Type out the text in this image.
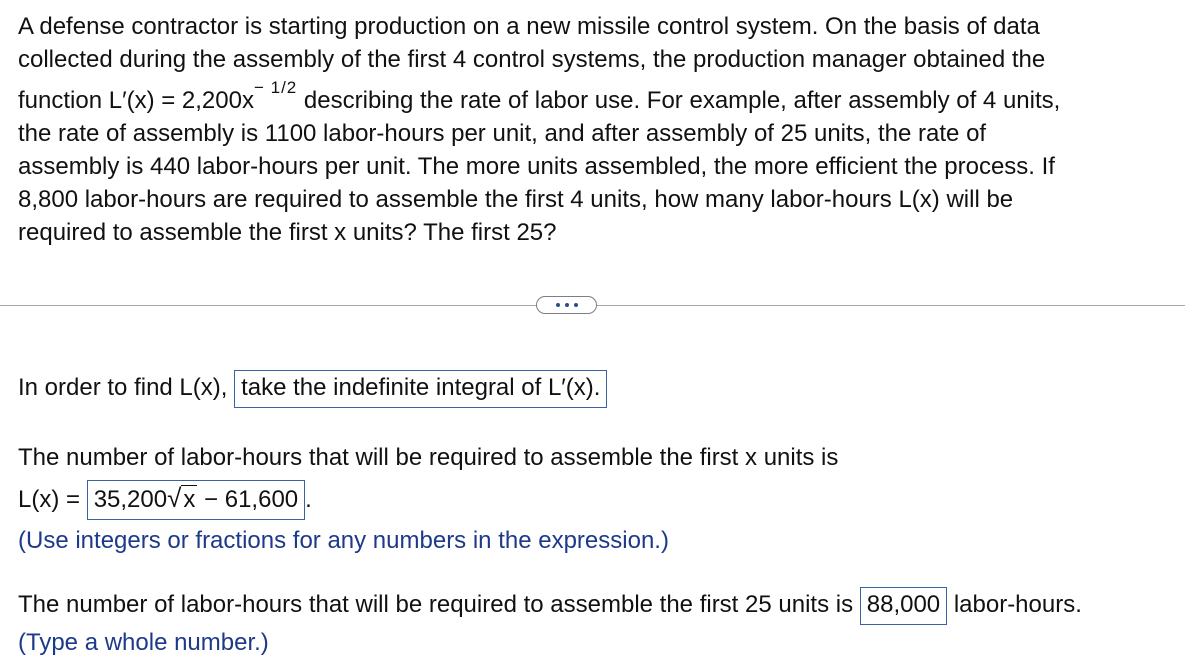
A defense contractor is starting production on a new missile control system. On the basis of data
collected during the assembly of the first 4 control systems, the production manager obtained the
function $L'(x) = 2,200x^{- 1/2}$ describing the rate of labor use. For example, after assembly of 4 units,
the rate of assembly is 1100 labor-hours per unit, and after assembly of 25 units, the rate of
assembly is 440 labor-hours per unit. The more units assembled, the more efficient the process. If
8,800 labor-hours are required to assemble the first 4 units, how many labor-hours L(x) will be
required to assemble the first x units? The first 25?
In order to find L(x), take the indefinite integral of L′(x).
The number of labor-hours that will be required to assemble the first x units is
L(x) = 35,200√x − 61,600 .
(Use integers or fractions for any numbers in the expression.)
The number of labor-hours that will be required to assemble the first 25 units is 88,000 labor-hours.
(Type a whole number.)
